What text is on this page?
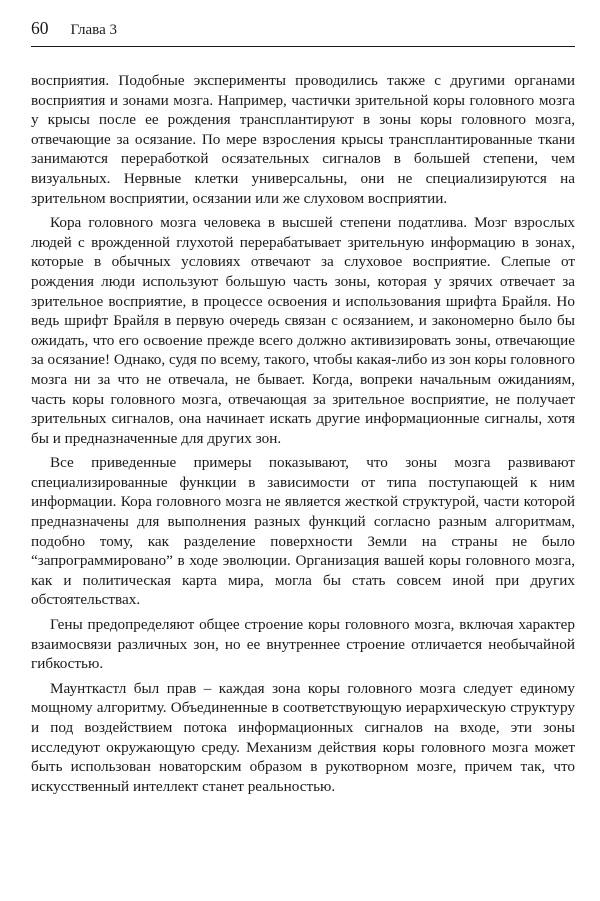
60 Глава 3

восприятия. Подобные эксперименты проводились также с другими органами восприятия и зонами мозга. Например, частички зрительной коры головного мозга у крысы после ее рождения трансплантируют в зоны коры головного мозга, отвечающие за осязание. По мере взросления крысы трансплантированные ткани занимаются переработкой осязательных сигналов в большей степени, чем визуальных. Нервные клетки универсальны, они не специализируются на зрительном восприятии, осязании или же слуховом восприятии.

Кора головного мозга человека в высшей степени податлива. Мозг взрослых людей с врожденной глухотой перерабатывает зрительную информацию в зонах, которые в обычных условиях отвечают за слуховое восприятие. Слепые от рождения люди используют большую часть зоны, которая у зрячих отвечает за зрительное восприятие, в процессе освоения и использования шрифта Брайля. Но ведь шрифт Брайля в первую очередь связан с осязанием, и закономерно было бы ожидать, что его освоение прежде всего должно активизировать зоны, отвечающие за осязание! Однако, судя по всему, такого, чтобы какая-либо из зон коры головного мозга ни за что не отвечала, не бывает. Когда, вопреки начальным ожиданиям, часть коры головного мозга, отвечающая за зрительное восприятие, не получает зрительных сигналов, она начинает искать другие информационные сигналы, хотя бы и предназначенные для других зон.

Все приведенные примеры показывают, что зоны мозга развивают специализированные функции в зависимости от типа поступающей к ним информации. Кора головного мозга не является жесткой структурой, части которой предназначены для выполнения разных функций согласно разным алгоритмам, подобно тому, как разделение поверхности Земли на страны не было “запрограммировано” в ходе эволюции. Организация вашей коры головного мозга, как и политическая карта мира, могла бы стать совсем иной при других обстоятельствах.

Гены предопределяют общее строение коры головного мозга, включая характер взаимосвязи различных зон, но ее внутреннее строение отличается необычайной гибкостью.

Маунткастл был прав – каждая зона коры головного мозга следует единому мощному алгоритму. Объединенные в соответствующую иерархическую структуру и под воздействием потока информационных сигналов на входе, эти зоны исследуют окружающую среду. Механизм действия коры головного мозга может быть использован новаторским образом в рукотворном мозге, причем так, что искусственный интеллект станет реальностью.
